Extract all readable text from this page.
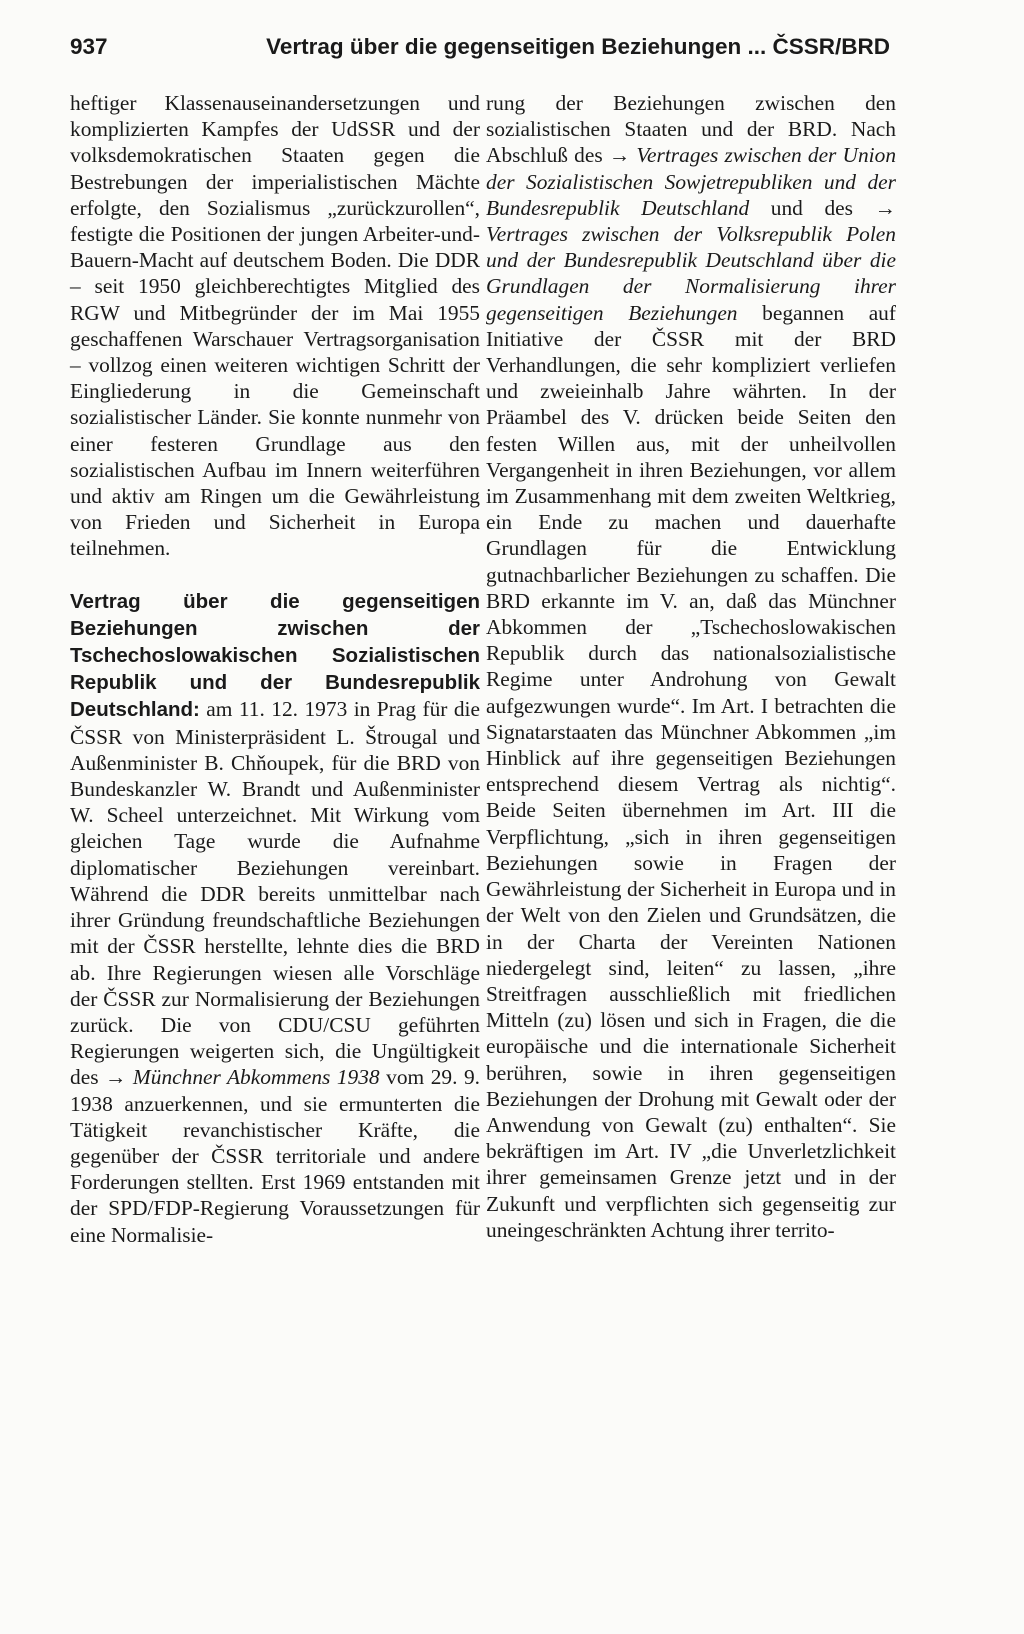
937	Vertrag über die gegenseitigen Beziehungen ... ČSSR/BRD

heftiger Klassenauseinandersetzungen und komplizierten Kampfes der UdSSR und der volksdemokratischen Staaten gegen die Bestrebungen der imperialistischen Mächte erfolgte, den Sozialismus „zurückzurollen“, festigte die Positionen der jungen Arbeiter-und-Bauern-Macht auf deutschem Boden. Die DDR – seit 1950 gleichberechtigtes Mitglied des RGW und Mitbegründer der im Mai 1955 geschaffenen Warschauer Vertragsorganisation – vollzog einen weiteren wichtigen Schritt der Eingliederung in die Gemeinschaft sozialistischer Länder. Sie konnte nunmehr von einer festeren Grundlage aus den sozialistischen Aufbau im Innern weiterführen und aktiv am Ringen um die Gewährleistung von Frieden und Sicherheit in Europa teilnehmen.

Vertrag über die gegenseitigen Beziehungen zwischen der Tschechoslowakischen Sozialistischen Republik und der Bundesrepublik Deutschland: am 11. 12. 1973 in Prag für die ČSSR von Ministerpräsident L. Štrougal und Außenminister B. Chňoupek, für die BRD von Bundeskanzler W. Brandt und Außenminister W. Scheel unterzeichnet. Mit Wirkung vom gleichen Tage wurde die Aufnahme diplomatischer Beziehungen vereinbart. Während die DDR bereits unmittelbar nach ihrer Gründung freundschaftliche Beziehungen mit der ČSSR herstellte, lehnte dies die BRD ab. Ihre Regierungen wiesen alle Vorschläge der ČSSR zur Normalisierung der Beziehungen zurück. Die von CDU/CSU geführten Regierungen weigerten sich, die Ungültigkeit des → Münchner Abkommens 1938 vom 29. 9. 1938 anzuerkennen, und sie ermunterten die Tätigkeit revanchistischer Kräfte, die gegenüber der ČSSR territoriale und andere Forderungen stellten. Erst 1969 entstanden mit der SPD/FDP-Regierung Voraussetzungen für eine Normalisie-

rung der Beziehungen zwischen den sozialistischen Staaten und der BRD. Nach Abschluß des → Vertrages zwischen der Union der Sozialistischen Sowjetrepubliken und der Bundesrepublik Deutschland und des → Vertrages zwischen der Volksrepublik Polen und der Bundesrepublik Deutschland über die Grundlagen der Normalisierung ihrer gegenseitigen Beziehungen begannen auf Initiative der ČSSR mit der BRD Verhandlungen, die sehr kompliziert verliefen und zweieinhalb Jahre währten. In der Präambel des V. drücken beide Seiten den festen Willen aus, mit der unheilvollen Vergangenheit in ihren Beziehungen, vor allem im Zusammenhang mit dem zweiten Weltkrieg, ein Ende zu machen und dauerhafte Grundlagen für die Entwicklung gutnachbarlicher Beziehungen zu schaffen. Die BRD erkannte im V. an, daß das Münchner Abkommen der „Tschechoslowakischen Republik durch das nationalsozialistische Regime unter Androhung von Gewalt aufgezwungen wurde“. Im Art. I betrachten die Signatarstaaten das Münchner Abkommen „im Hinblick auf ihre gegenseitigen Beziehungen entsprechend diesem Vertrag als nichtig“. Beide Seiten übernehmen im Art. III die Verpflichtung, „sich in ihren gegenseitigen Beziehungen sowie in Fragen der Gewährleistung der Sicherheit in Europa und in der Welt von den Zielen und Grundsätzen, die in der Charta der Vereinten Nationen niedergelegt sind, leiten“ zu lassen, „ihre Streitfragen ausschließlich mit friedlichen Mitteln (zu) lösen und sich in Fragen, die die europäische und die internationale Sicherheit berühren, sowie in ihren gegenseitigen Beziehungen der Drohung mit Gewalt oder der Anwendung von Gewalt (zu) enthalten“. Sie bekräftigen im Art. IV „die Unverletzlichkeit ihrer gemeinsamen Grenze jetzt und in der Zukunft und verpflichten sich gegenseitig zur uneingeschränkten Achtung ihrer territo-
